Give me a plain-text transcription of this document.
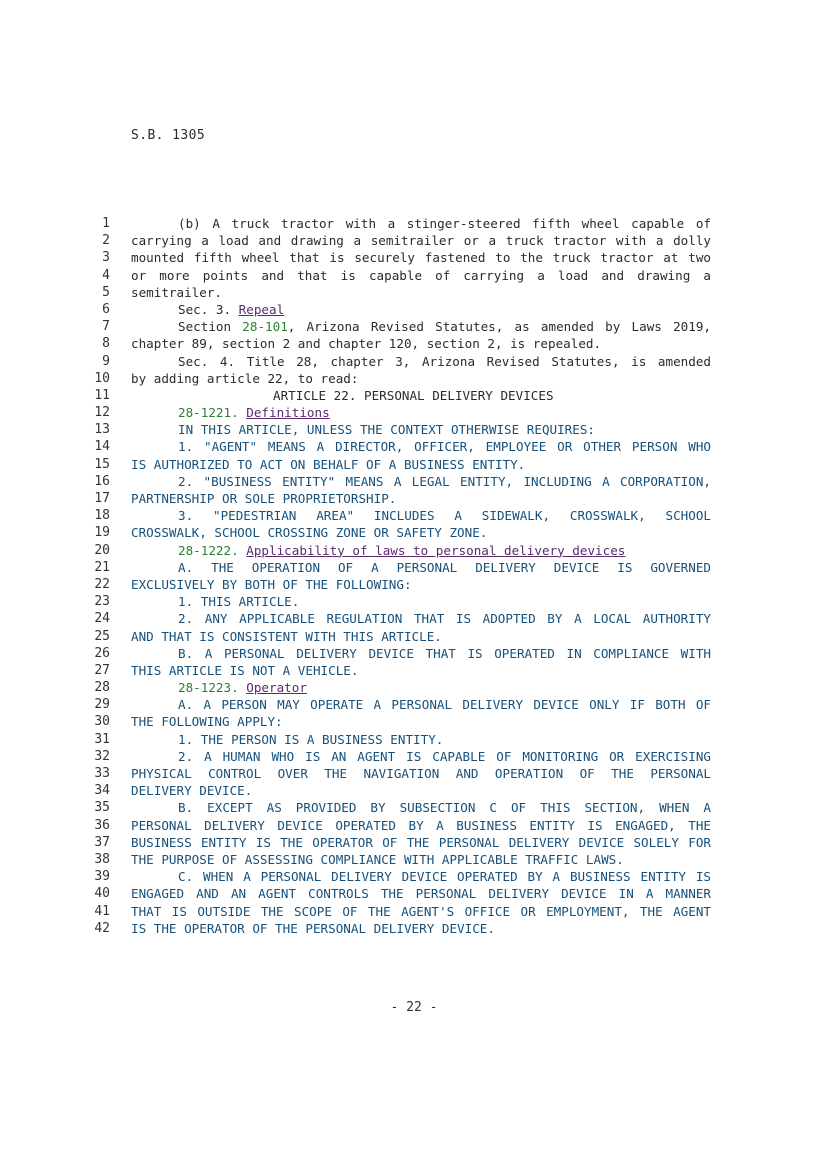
S.B. 1305
1	(b) A truck tractor with a stinger-steered fifth wheel capable of
2 carrying a load and drawing a semitrailer or a truck tractor with a dolly
3 mounted fifth wheel that is securely fastened to the truck tractor at two
4 or more points and that is capable of carrying a load and drawing a
5 semitrailer.
6	Sec. 3. Repeal
7	Section 28-101, Arizona Revised Statutes, as amended by Laws 2019,
8 chapter 89, section 2 and chapter 120, section 2, is repealed.
9	Sec. 4. Title 28, chapter 3, Arizona Revised Statutes, is amended
10 by adding article 22, to read:
11	ARTICLE 22. PERSONAL DELIVERY DEVICES
12	28-1221. Definitions
13	IN THIS ARTICLE, UNLESS THE CONTEXT OTHERWISE REQUIRES:
14	1. "AGENT" MEANS A DIRECTOR, OFFICER, EMPLOYEE OR OTHER PERSON WHO
15 IS AUTHORIZED TO ACT ON BEHALF OF A BUSINESS ENTITY.
16	2. "BUSINESS ENTITY" MEANS A LEGAL ENTITY, INCLUDING A CORPORATION,
17 PARTNERSHIP OR SOLE PROPRIETORSHIP.
18	3. "PEDESTRIAN AREA" INCLUDES A SIDEWALK, CROSSWALK, SCHOOL
19 CROSSWALK, SCHOOL CROSSING ZONE OR SAFETY ZONE.
20	28-1222. Applicability of laws to personal delivery devices
21	A. THE OPERATION OF A PERSONAL DELIVERY DEVICE IS GOVERNED
22 EXCLUSIVELY BY BOTH OF THE FOLLOWING:
23	1. THIS ARTICLE.
24	2. ANY APPLICABLE REGULATION THAT IS ADOPTED BY A LOCAL AUTHORITY
25 AND THAT IS CONSISTENT WITH THIS ARTICLE.
26	B. A PERSONAL DELIVERY DEVICE THAT IS OPERATED IN COMPLIANCE WITH
27 THIS ARTICLE IS NOT A VEHICLE.
28	28-1223. Operator
29	A. A PERSON MAY OPERATE A PERSONAL DELIVERY DEVICE ONLY IF BOTH OF
30 THE FOLLOWING APPLY:
31	1. THE PERSON IS A BUSINESS ENTITY.
32	2. A HUMAN WHO IS AN AGENT IS CAPABLE OF MONITORING OR EXERCISING
33 PHYSICAL CONTROL OVER THE NAVIGATION AND OPERATION OF THE PERSONAL
34 DELIVERY DEVICE.
35	B. EXCEPT AS PROVIDED BY SUBSECTION C OF THIS SECTION, WHEN A
36 PERSONAL DELIVERY DEVICE OPERATED BY A BUSINESS ENTITY IS ENGAGED, THE
37 BUSINESS ENTITY IS THE OPERATOR OF THE PERSONAL DELIVERY DEVICE SOLELY FOR
38 THE PURPOSE OF ASSESSING COMPLIANCE WITH APPLICABLE TRAFFIC LAWS.
39	C. WHEN A PERSONAL DELIVERY DEVICE OPERATED BY A BUSINESS ENTITY IS
40 ENGAGED AND AN AGENT CONTROLS THE PERSONAL DELIVERY DEVICE IN A MANNER
41 THAT IS OUTSIDE THE SCOPE OF THE AGENT'S OFFICE OR EMPLOYMENT, THE AGENT
42 IS THE OPERATOR OF THE PERSONAL DELIVERY DEVICE.
- 22 -
